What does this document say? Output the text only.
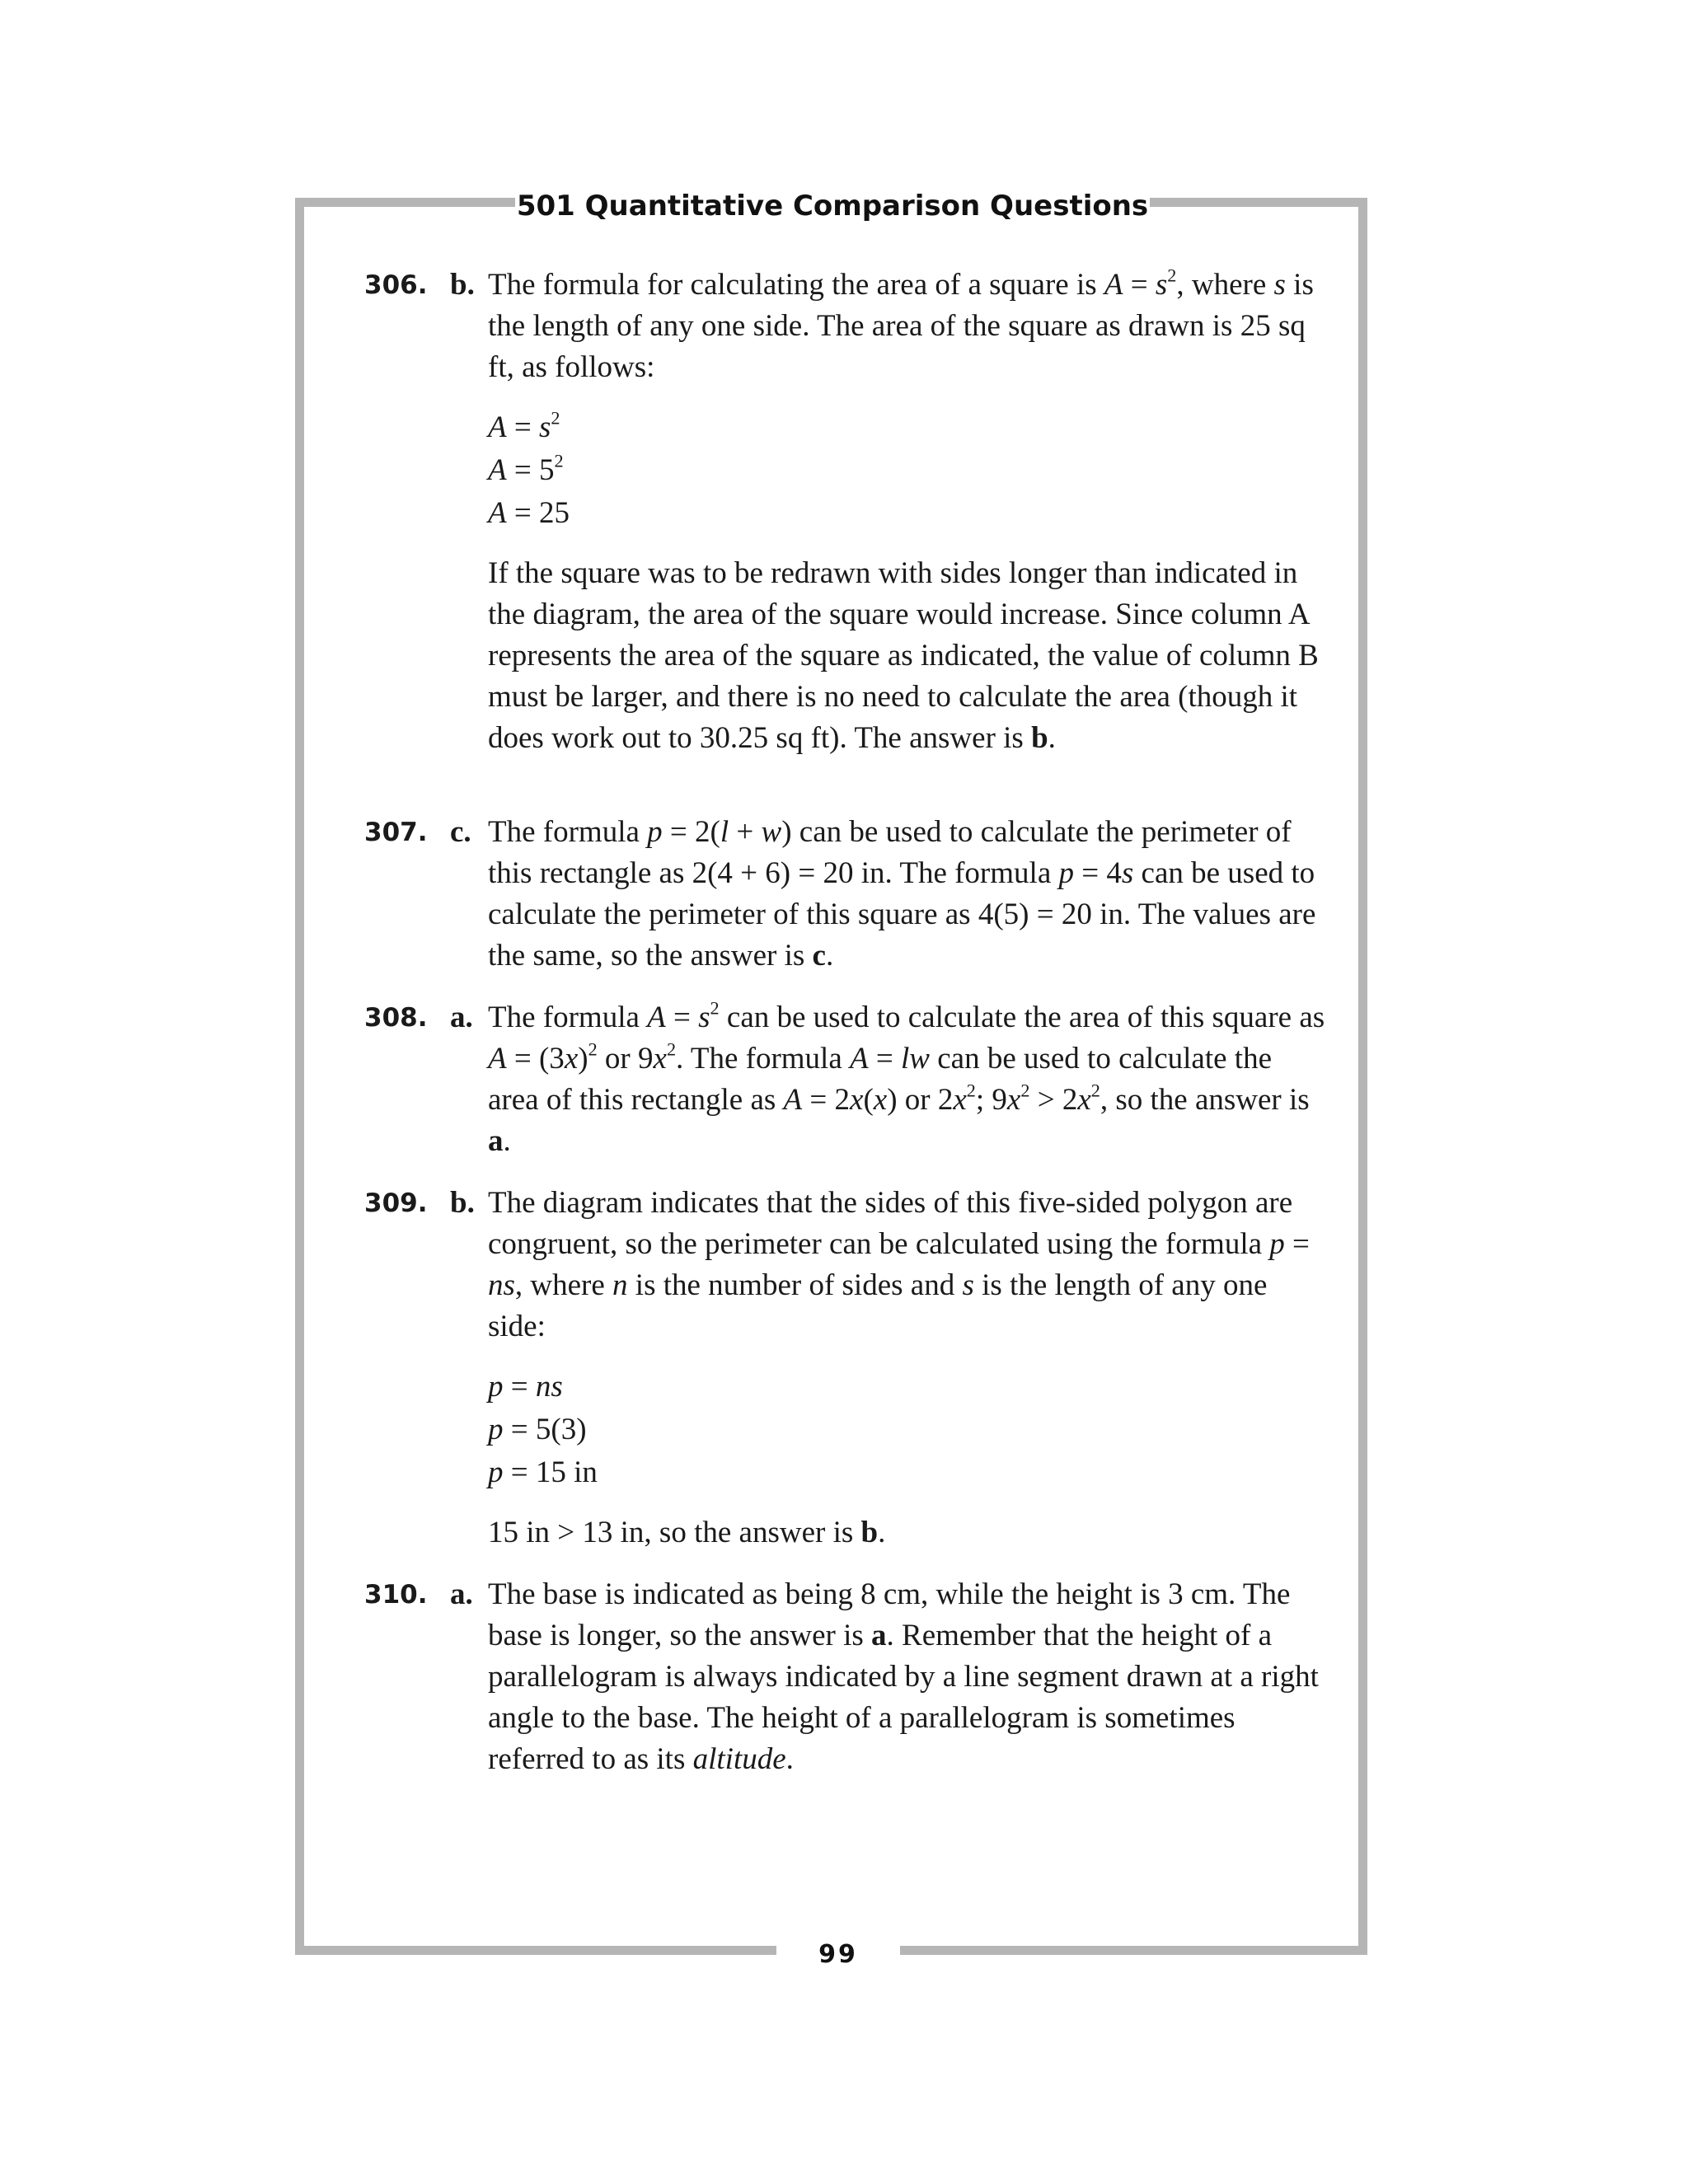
501 Quantitative Comparison Questions
99
306. b. The formula for calculating the area of a square is $A = s^2$, where s is the length of any one side. The area of the square as drawn is 25 sq ft, as follows:

$A = s^2$
$A = 5^2$
A = 25

If the square was to be redrawn with sides longer than indicated in the diagram, the area of the square would increase. Since column A represents the area of the square as indicated, the value of column B must be larger, and there is no need to calculate the area (though it does work out to 30.25 sq ft). The answer is b.

307. c. The formula p = 2(l + w) can be used to calculate the perimeter of this rectangle as 2(4 + 6) = 20 in. The formula p = 4s can be used to calculate the perimeter of this square as 4(5) = 20 in. The values are the same, so the answer is c.

308. a. The formula $A = s^2$ can be used to calculate the area of this square as $A = (3x)^2$ or $9x^2$. The formula A = lw can be used to calculate the area of this rectangle as A = 2x(x) or $2x^2$; $9x^2 > 2x^2$, so the answer is a.

309. b. The diagram indicates that the sides of this five-sided polygon are congruent, so the perimeter can be calculated using the formula p = ns, where n is the number of sides and s is the length of any one side:

p = ns
p = 5(3)
p = 15 in

15 in > 13 in, so the answer is b.

310. a. The base is indicated as being 8 cm, while the height is 3 cm. The base is longer, so the answer is a. Remember that the height of a parallelogram is always indicated by a line segment drawn at a right angle to the base. The height of a parallelogram is sometimes referred to as its altitude.
